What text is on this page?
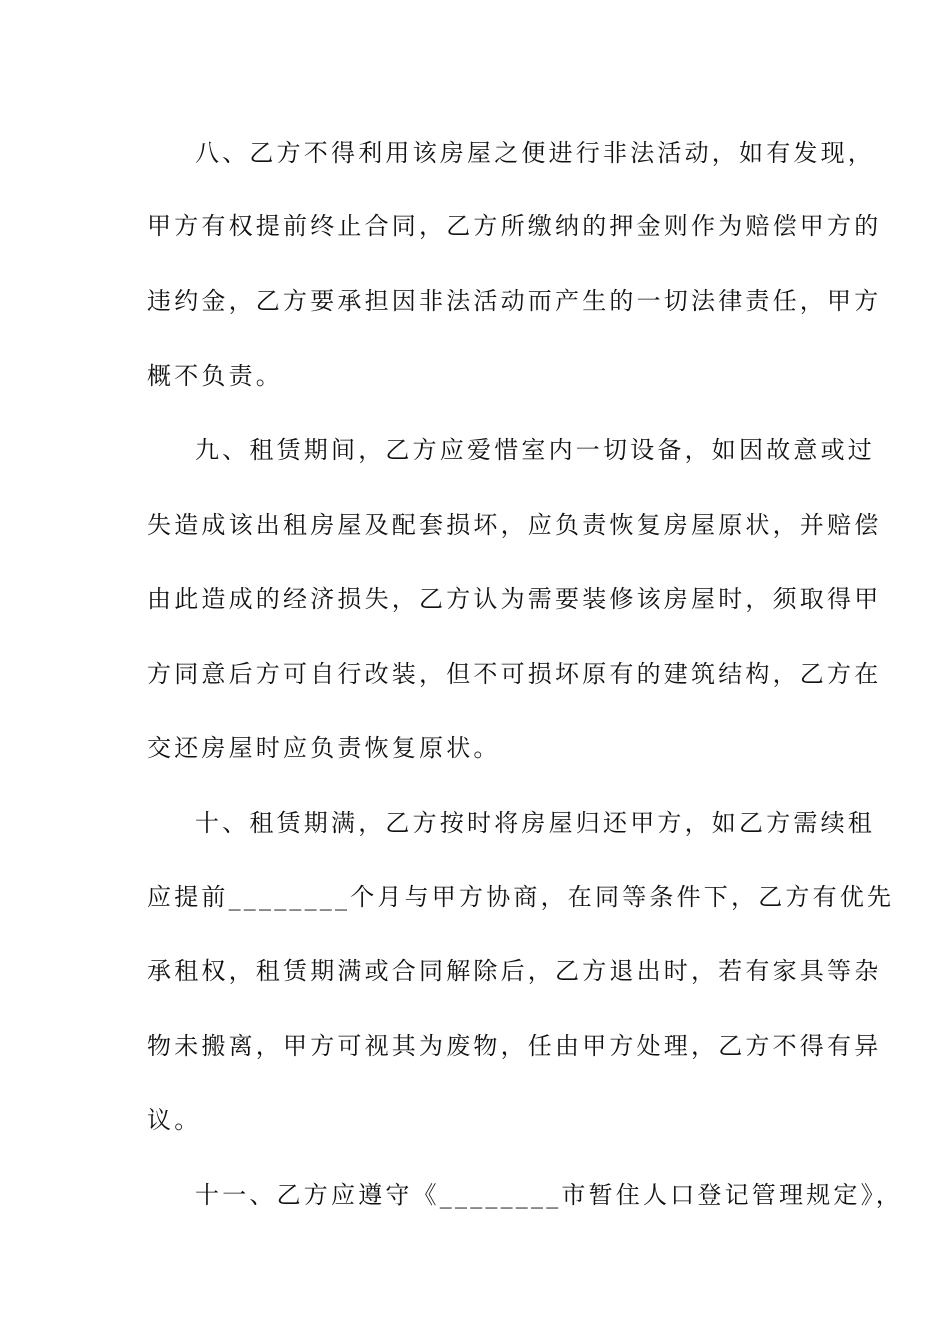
八、乙方不得利用该房屋之便进行非法活动，如有发现，
甲方有权提前终止合同，乙方所缴纳的押金则作为赔偿甲方的
违约金，乙方要承担因非法活动而产生的一切法律责任，甲方
概不负责。
九、租赁期间，乙方应爱惜室内一切设备，如因故意或过
失造成该出租房屋及配套损坏，应负责恢复房屋原状，并赔偿
由此造成的经济损失，乙方认为需要装修该房屋时，须取得甲
方同意后方可自行改装，但不可损坏原有的建筑结构，乙方在
交还房屋时应负责恢复原状。
十、租赁期满，乙方按时将房屋归还甲方，如乙方需续租
应提前________个月与甲方协商，在同等条件下，乙方有优先
承租权，租赁期满或合同解除后，乙方退出时，若有家具等杂
物未搬离，甲方可视其为废物，任由甲方处理，乙方不得有异
议。
十一、乙方应遵守《________市暂住人口登记管理规定》，
